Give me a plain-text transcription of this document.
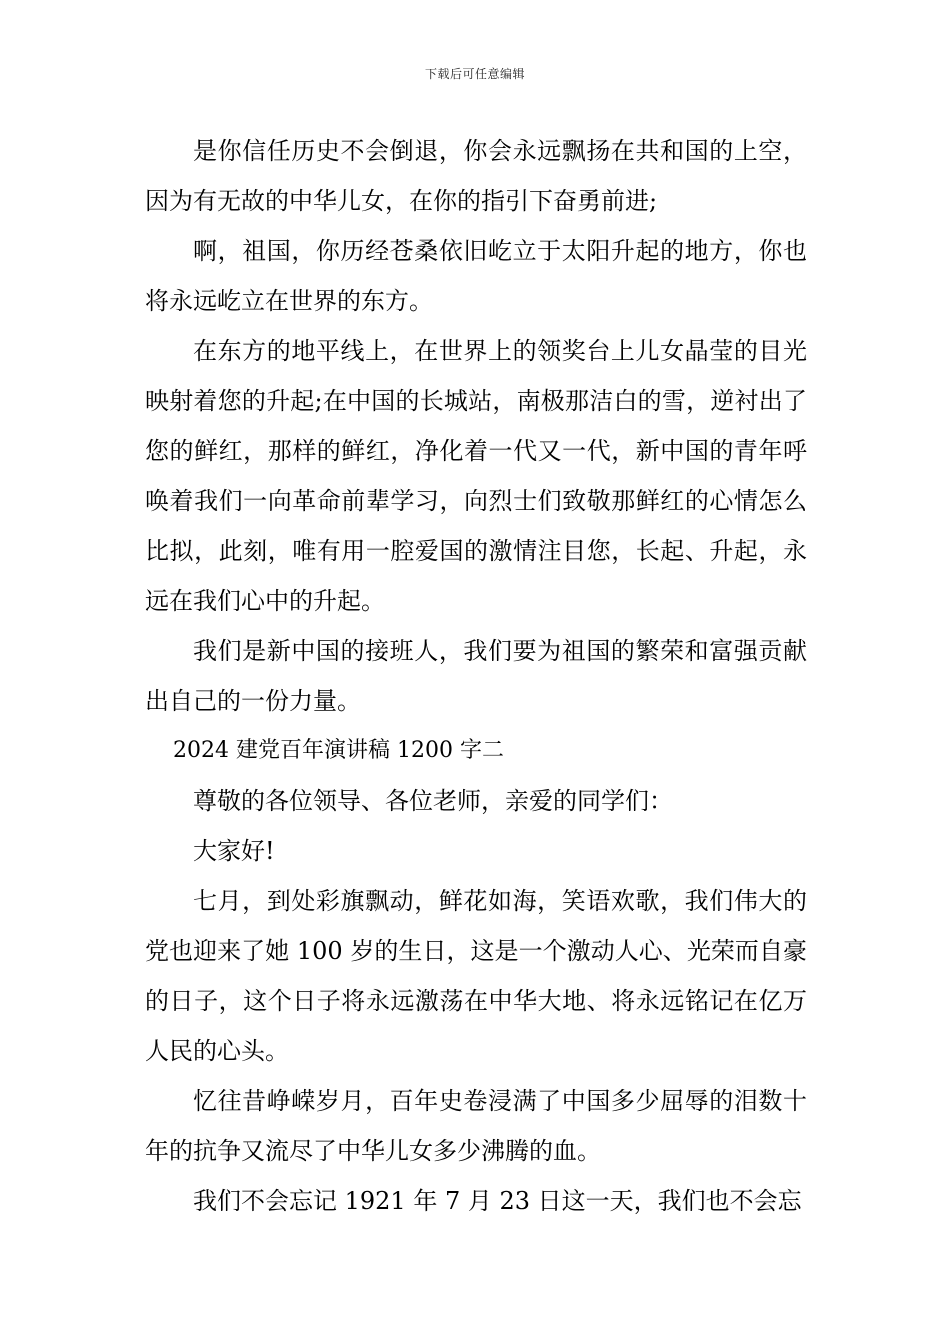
下载后可任意编辑

是你信任历史不会倒退，你会永远飘扬在共和国的上空，因为有无故的中华儿女，在你的指引下奋勇前进;

啊，祖国，你历经苍桑依旧屹立于太阳升起的地方，你也将永远屹立在世界的东方。

在东方的地平线上，在世界上的领奖台上儿女晶莹的目光映射着您的升起;在中国的长城站，南极那洁白的雪，逆衬出了您的鲜红，那样的鲜红，净化着一代又一代，新中国的青年呼唤着我们一向革命前辈学习，向烈士们致敬那鲜红的心情怎么比拟，此刻，唯有用一腔爱国的激情注目您，长起、升起，永远在我们心中的升起。

我们是新中国的接班人，我们要为祖国的繁荣和富强贡献出自己的一份力量。

2024 建党百年演讲稿 1200 字二

尊敬的各位领导、各位老师，亲爱的同学们：

大家好!

七月，到处彩旗飘动，鲜花如海，笑语欢歌，我们伟大的党也迎来了她 100 岁的生日，这是一个激动人心、光荣而自豪的日子，这个日子将永远激荡在中华大地、将永远铭记在亿万人民的心头。

忆往昔峥嵘岁月，百年史卷浸满了中国多少屈辱的泪数十年的抗争又流尽了中华儿女多少沸腾的血。

我们不会忘记 1921 年 7 月 23 日这一天，我们也不会忘
